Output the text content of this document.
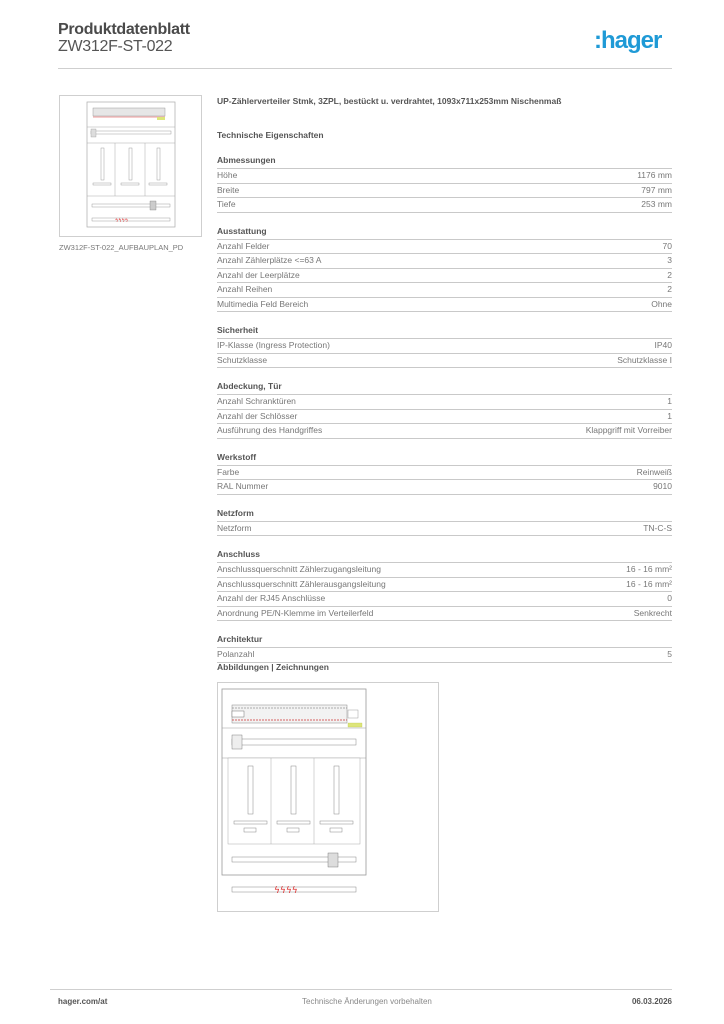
Produktdatenblatt
ZW312F-ST-022	:hager
ϟϟϟϟ
ZW312F-ST-022_AUFBAUPLAN_PD
UP-Zählerverteiler Stmk, 3ZPL, bestückt u. verdrahtet, 1093x711x253mm Nischenmaß
Technische Eigenschaften
Abmessungen
Höhe	1176 mm
Breite	797 mm
Tiefe	253 mm
Ausstattung
Anzahl Felder	70
Anzahl Zählerplätze <=63 A	3
Anzahl der Leerplätze	2
Anzahl Reihen	2
Multimedia Feld Bereich	Ohne
Sicherheit
IP-Klasse (Ingress Protection)	IP40
Schutzklasse	Schutzklasse I
Abdeckung, Tür
Anzahl Schranktüren	1
Anzahl der Schlösser	1
Ausführung des Handgriffes	Klappgriff mit Vorreiber
Werkstoff
Farbe	Reinweiß
RAL Nummer	9010
Netzform
Netzform	TN-C-S
Anschluss
Anschlussquerschnitt Zählerzugangsleitung	16 - 16 mm²
Anschlussquerschnitt Zählerausgangsleitung	16 - 16 mm²
Anzahl der RJ45 Anschlüsse	0
Anordnung PE/N-Klemme im Verteilerfeld	Senkrecht
Architektur
Polanzahl	5
Abbildungen | Zeichnungen
ϟϟϟϟ
hager.com/at	Technische Änderungen vorbehalten	06.03.2026
